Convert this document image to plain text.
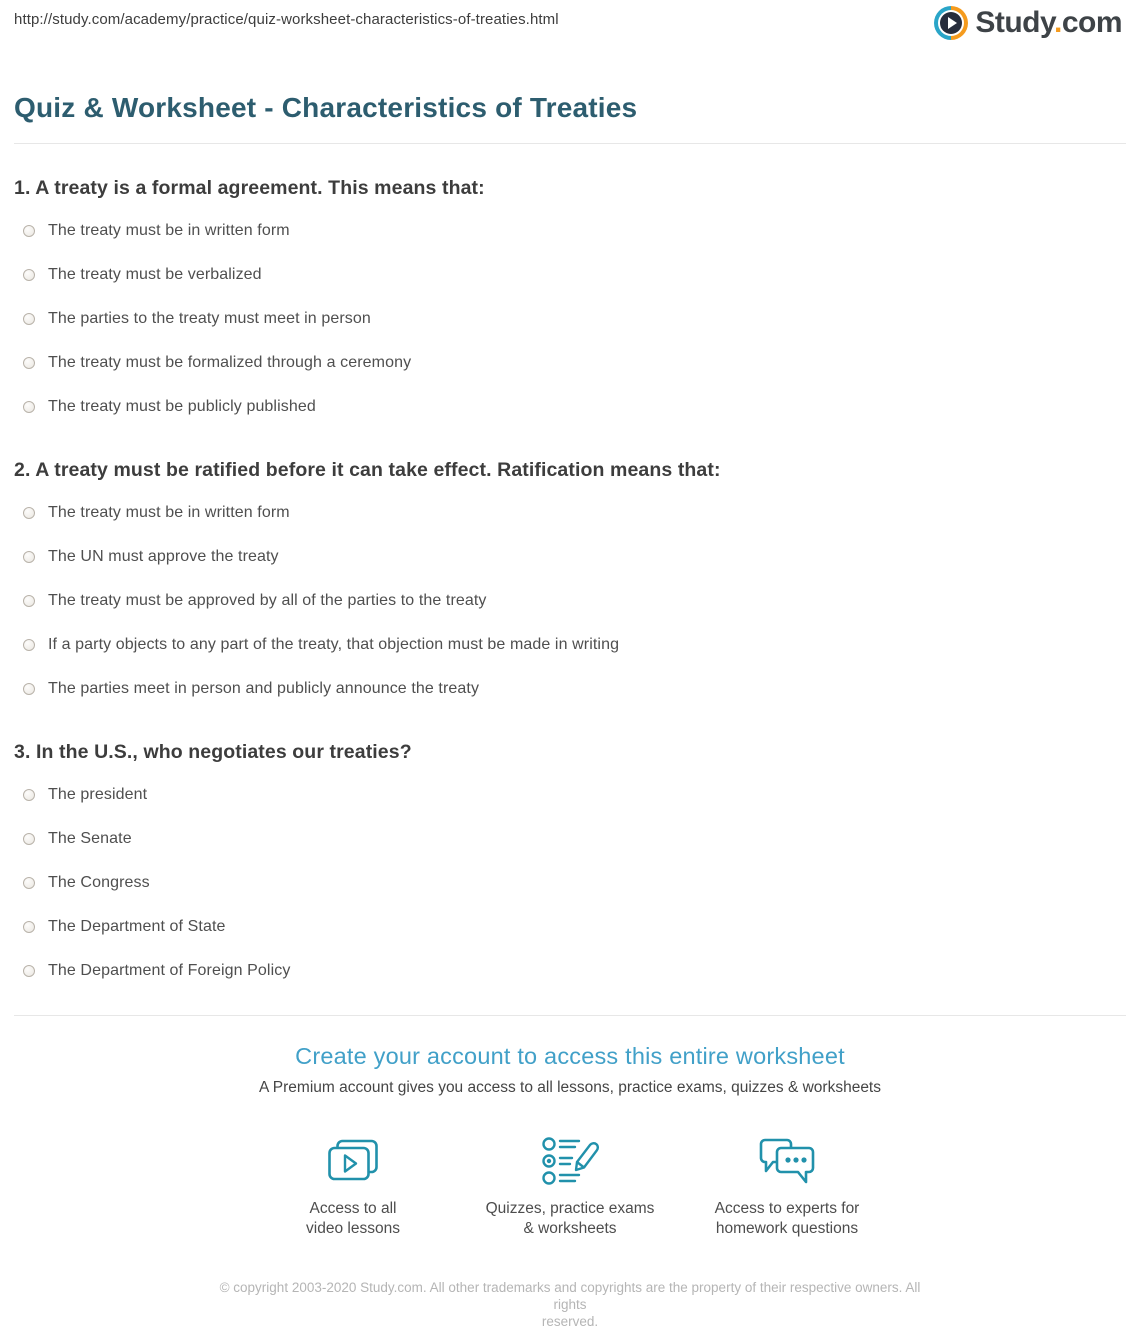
http://study.com/academy/practice/quiz-worksheet-characteristics-of-treaties.html	Study.com
Quiz & Worksheet - Characteristics of Treaties
1. A treaty is a formal agreement. This means that:
The treaty must be in written form
The treaty must be verbalized
The parties to the treaty must meet in person
The treaty must be formalized through a ceremony
The treaty must be publicly published
2. A treaty must be ratified before it can take effect. Ratification means that:
The treaty must be in written form
The UN must approve the treaty
The treaty must be approved by all of the parties to the treaty
If a party objects to any part of the treaty, that objection must be made in writing
The parties meet in person and publicly announce the treaty
3. In the U.S., who negotiates our treaties?
The president
The Senate
The Congress
The Department of State
The Department of Foreign Policy
Create your account to access this entire worksheet
A Premium account gives you access to all lessons, practice exams, quizzes & worksheets
Access to all
video lessons
Quizzes, practice exams
& worksheets
Access to experts for
homework questions
© copyright 2003-2020 Study.com. All other trademarks and copyrights are the property of their respective owners. All rights
reserved.
